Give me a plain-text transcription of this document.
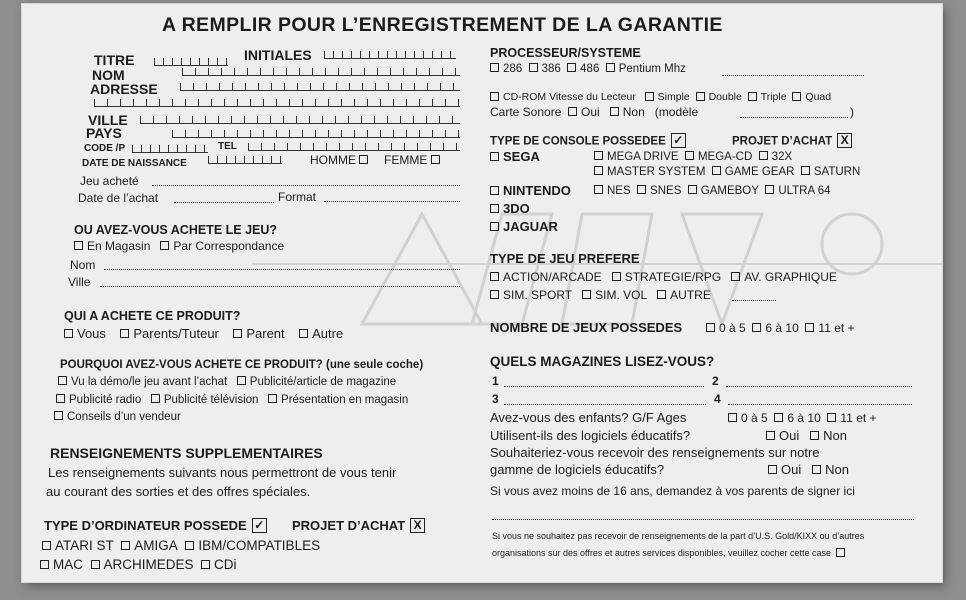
A REMPLIR POUR L’ENREGISTREMENT DE LA GARANTIE
TITRE	INITIALES
NOM
ADRESSE
VILLE
PAYS
CODE /P	TEL
DATE DE NAISSANCE	HOMME	FEMME
Jeu acheté
Date de l’achat	Format
OU AVEZ-VOUS ACHETE LE JEU?
En Magasin Par Correspondance
Nom
Ville
QUI A ACHETE CE PRODUIT?
Vous Parents/Tuteur Parent Autre
POURQUOI AVEZ-VOUS ACHETE CE PRODUIT? (une seule coche)
Vu la démo/le jeu avant l’achat Publicité/article de magazine
Publicité radio Publicité télévision Présentation en magasin
Conseils d’un vendeur
RENSEIGNEMENTS SUPPLEMENTAIRES
Les renseignements suivants nous permettront de vous tenir
au courant des sorties et des offres spéciales.
TYPE D’ORDINATEUR POSSEDE ✓ PROJET D’ACHAT X
ATARI ST AMIGA IBM/COMPATIBLES
MAC ARCHIMEDES CDi
PROCESSEUR/SYSTEME
286 386 486 Pentium Mhz
CD-ROM Vitesse du Lecteur Simple Double Triple Quad
Carte Sonore Oui Non (modèle	)
TYPE DE CONSOLE POSSEDEE ✓	PROJET D’ACHAT X
SEGA	MEGA DRIVE MEGA-CD 32X
MASTER SYSTEM GAME GEAR SATURN
NINTENDO	NES SNES GAMEBOY ULTRA 64
3DO
JAGUAR
TYPE DE JEU PREFERE
ACTION/ARCADE STRATEGIE/RPG AV. GRAPHIQUE
SIM. SPORT SIM. VOL AUTRE
NOMBRE DE JEUX POSSEDES	0 à 5 6 à 10 11 et +
QUELS MAGAZINES LISEZ-VOUS?
1	2
3	4
Avez-vous des enfants? G/F Ages	0 à 5 6 à 10 11 et +
Utilisent-ils des logiciels éducatifs?	Oui Non
Souhaiteriez-vous recevoir des renseignements sur notre
gamme de logiciels éducatifs?	Oui Non
Si vous avez moins de 16 ans, demandez à vos parents de signer ici
Si vous ne souhaitez pas recevoir de renseignements de la part d’U.S. Gold/KIXX ou d’autres
organisations sur des offres et autres services disponibles, veuillez cocher cette case
